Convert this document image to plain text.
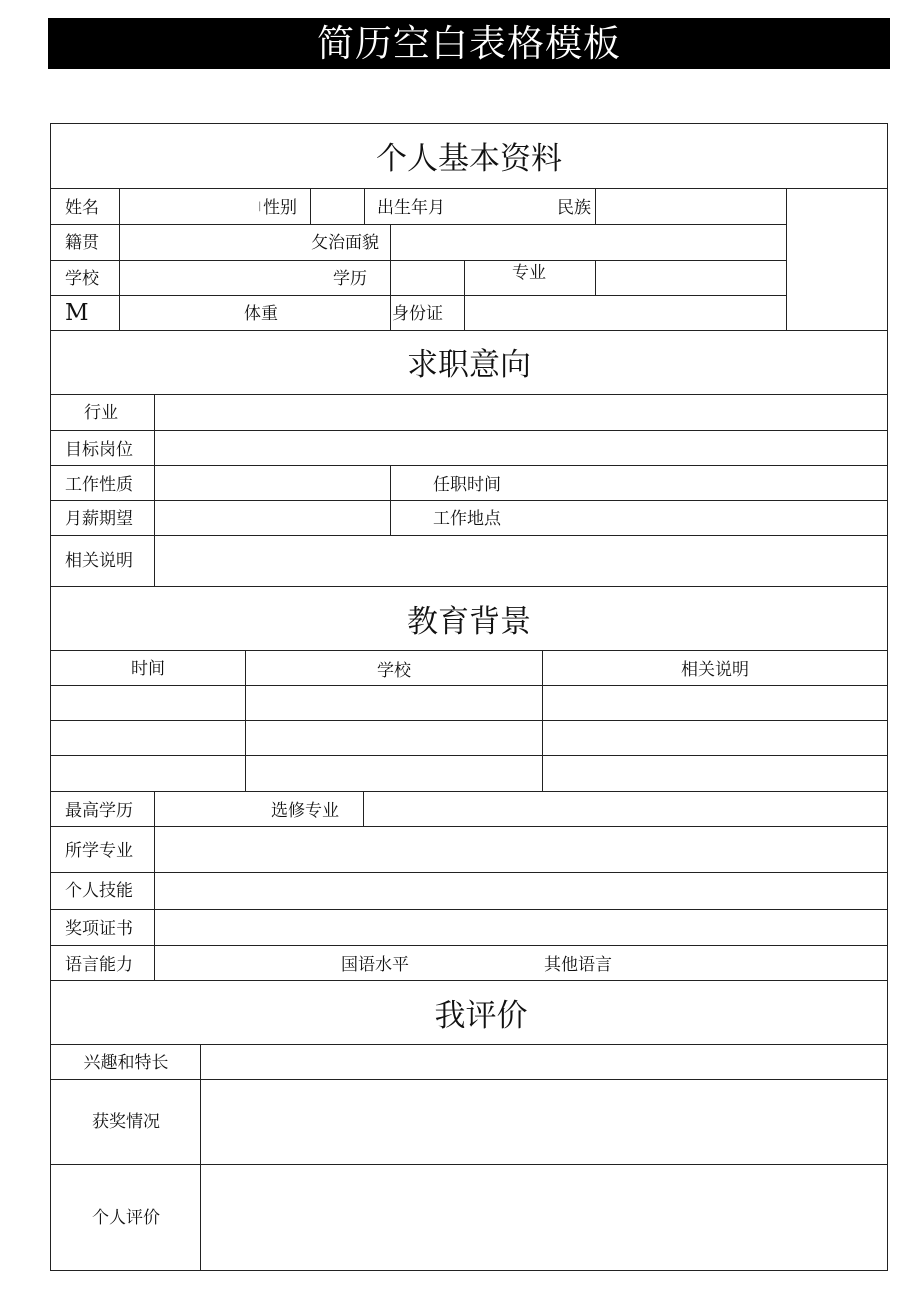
简历空白表格模板
个人基本资料
姓名	| 性别	出生年月	民族
籍贯	攵治面貌
学校	学历	专业
M	体重	身份证
求职意向
行业
目标岗位
工作性质	任职时间
月薪期望	工作地点
相关说明
教育背景
时间	学校	相关说明
最高学历	选修专业
所学专业
个人技能
奖项证书
语言能力	国语水平	其他语言
我评价
兴趣和特长
获奖情况
个人评价
